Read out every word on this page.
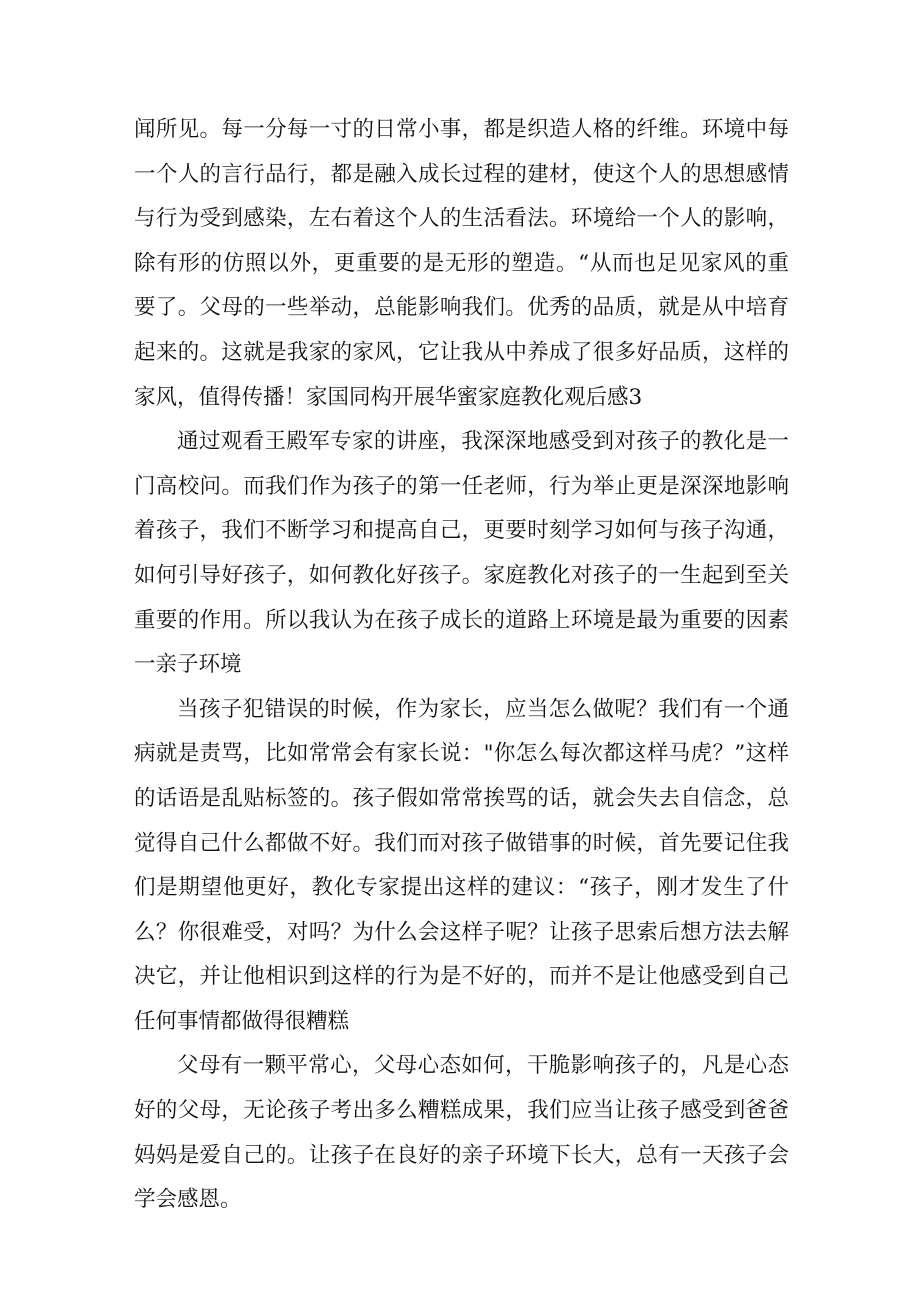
闻所见。每一分每一寸的日常小事，都是织造人格的纤维。环境中每一个人的言行品行，都是融入成长过程的建材，使这个人的思想感情与行为受到感染，左右着这个人的生活看法。环境给一个人的影响，除有形的仿照以外，更重要的是无形的塑造。“从而也足见家风的重要了。父母的一些举动，总能影响我们。优秀的品质，就是从中培育起来的。这就是我家的家风，它让我从中养成了很多好品质，这样的家风，值得传播！家国同构开展华蜜家庭教化观后感3

通过观看王殿军专家的讲座，我深深地感受到对孩子的教化是一门高校问。而我们作为孩子的第一任老师，行为举止更是深深地影响着孩子，我们不断学习和提高自己，更要时刻学习如何与孩子沟通，如何引导好孩子，如何教化好孩子。家庭教化对孩子的一生起到至关重要的作用。所以我认为在孩子成长的道路上环境是最为重要的因素一亲子环境

当孩子犯错误的时候，作为家长，应当怎么做呢？我们有一个通病就是责骂，比如常常会有家长说："你怎么每次都这样马虎？”这样的话语是乱贴标签的。孩子假如常常挨骂的话，就会失去自信念，总觉得自己什么都做不好。我们而对孩子做错事的时候，首先要记住我们是期望他更好，教化专家提出这样的建议：“孩子，刚才发生了什么？你很难受，对吗？为什么会这样子呢？让孩子思索后想方法去解决它，并让他相识到这样的行为是不好的，而并不是让他感受到自己任何事情都做得很糟糕

父母有一颗平常心，父母心态如何，干脆影响孩子的，凡是心态好的父母，无论孩子考出多么糟糕成果，我们应当让孩子感受到爸爸妈妈是爱自己的。让孩子在良好的亲子环境下长大，总有一天孩子会学会感恩。
